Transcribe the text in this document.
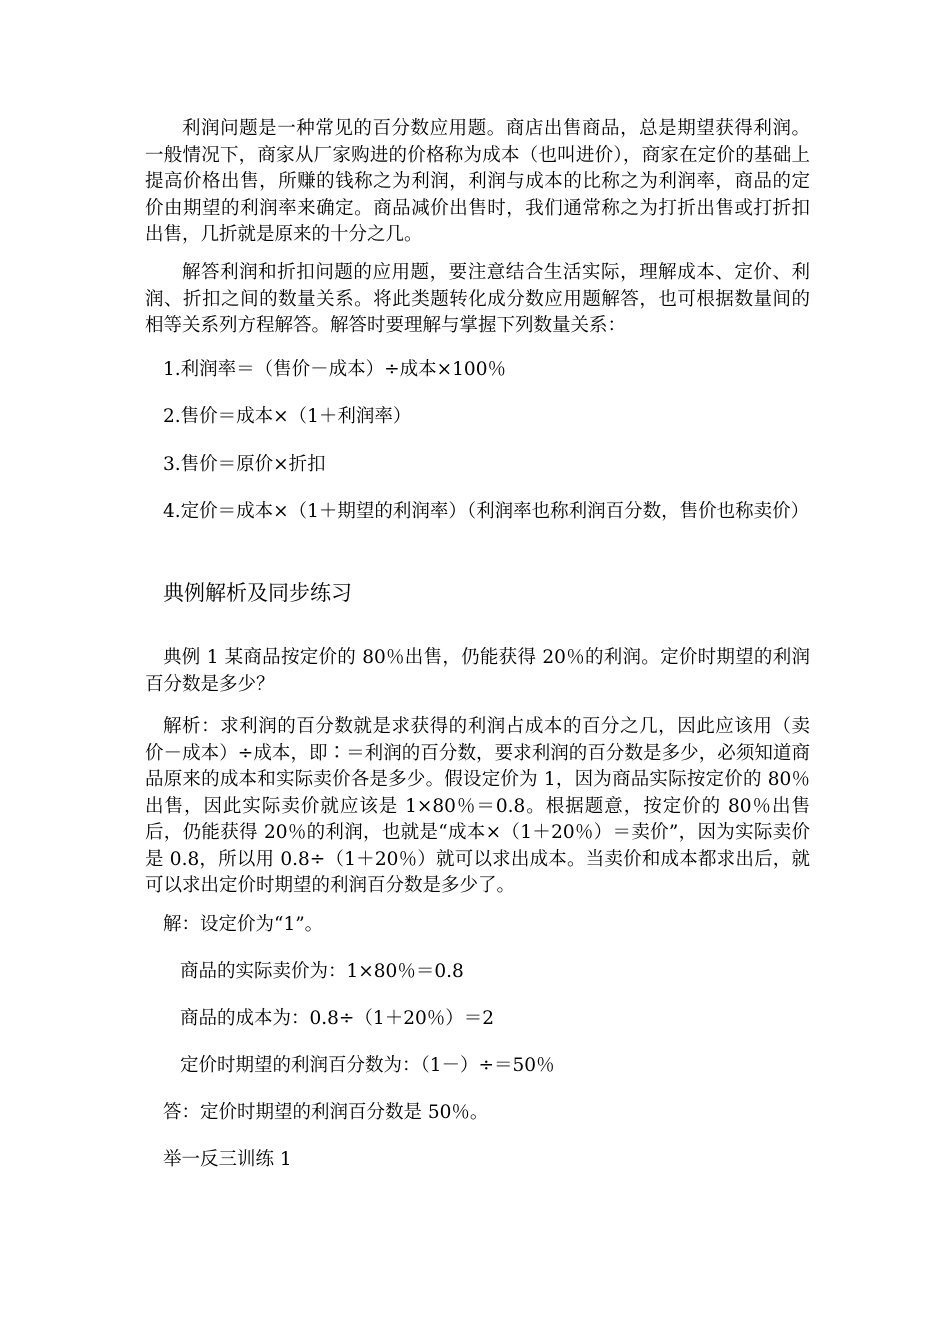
利润问题是一种常见的百分数应用题。商店出售商品，总是期望获得利润。一般情况下，商家从厂家购进的价格称为成本（也叫进价），商家在定价的基础上提高价格出售，所赚的钱称之为利润，利润与成本的比称之为利润率，商品的定价由期望的利润率来确定。商品减价出售时，我们通常称之为打折出售或打折扣出售，几折就是原来的十分之几。

解答利润和折扣问题的应用题，要注意结合生活实际，理解成本、定价、利润、折扣之间的数量关系。将此类题转化成分数应用题解答，也可根据数量间的相等关系列方程解答。解答时要理解与掌握下列数量关系：

1.利润率＝（售价－成本）÷成本×100％
2.售价＝成本×（1＋利润率）
3.售价＝原价×折扣

4.定价＝成本×（1＋期望的利润率）（利润率也称利润百分数，售价也称卖价）

典例解析及同步练习

典例 1 某商品按定价的 80％出售，仍能获得 20％的利润。定价时期望的利润百分数是多少？

解析：求利润的百分数就是求获得的利润占成本的百分之几，因此应该用（卖价－成本）÷成本，即∶＝利润的百分数，要求利润的百分数是多少，必须知道商品原来的成本和实际卖价各是多少。假设定价为 1，因为商品实际按定价的 80％出售，因此实际卖价就应该是 1×80％＝0.8。根据题意，按定价的 80％出售后，仍能获得 20％的利润，也就是“成本×（1＋20％）＝卖价”，因为实际卖价是 0.8，所以用 0.8÷（1＋20％）就可以求出成本。当卖价和成本都求出后，就可以求出定价时期望的利润百分数是多少了。

解：设定价为“1”。
商品的实际卖价为：1×80％＝0.8
商品的成本为：0.8÷（1＋20％）＝2
定价时期望的利润百分数为：（1－）÷＝50％
答：定价时期望的利润百分数是 50％。
举一反三训练 1
